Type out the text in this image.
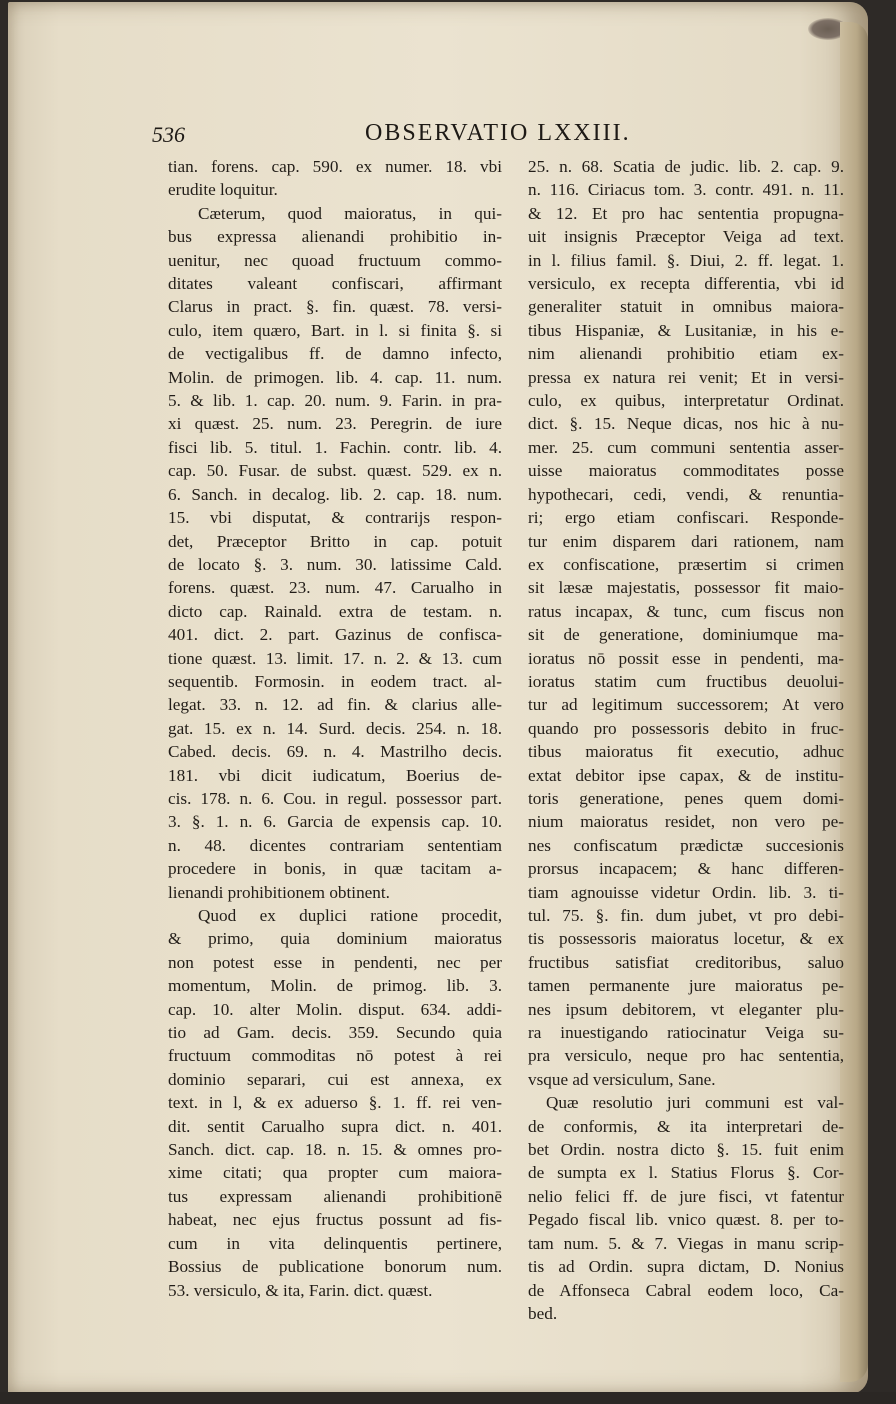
536	OBSERVATIO LXXIII.
tian. forens. cap. 590. ex numer. 18. vbi
erudite loquitur.
Cæterum, quod maioratus, in qui-
bus expressa alienandi prohibitio in-
uenitur, nec quoad fructuum commo-
ditates valeant confiscari, affirmant
Clarus in pract. §. fin. quæst. 78. versi-
culo, item quæro, Bart. in l. si finita §. si
de vectigalibus ff. de damno infecto,
Molin. de primogen. lib. 4. cap. 11. num.
5. & lib. 1. cap. 20. num. 9. Farin. in pra-
xi quæst. 25. num. 23. Peregrin. de iure
fisci lib. 5. titul. 1. Fachin. contr. lib. 4.
cap. 50. Fusar. de subst. quæst. 529. ex n.
6. Sanch. in decalog. lib. 2. cap. 18. num.
15. vbi disputat, & contrarijs respon-
det, Præceptor Britto in cap. potuit
de locato §. 3. num. 30. latissime Cald.
forens. quæst. 23. num. 47. Carualho in
dicto cap. Rainald. extra de testam. n.
401. dict. 2. part. Gazinus de confisca-
tione quæst. 13. limit. 17. n. 2. & 13. cum
sequentib. Formosin. in eodem tract. al-
legat. 33. n. 12. ad fin. & clarius alle-
gat. 15. ex n. 14. Surd. decis. 254. n. 18.
Cabed. decis. 69. n. 4. Mastrilho decis.
181. vbi dicit iudicatum, Boerius de-
cis. 178. n. 6. Cou. in regul. possessor part.
3. §. 1. n. 6. Garcia de expensis cap. 10.
n. 48. dicentes contrariam sententiam
procedere in bonis, in quæ tacitam a-
lienandi prohibitionem obtinent.
Quod ex duplici ratione procedit,
& primo, quia dominium maioratus
non potest esse in pendenti, nec per
momentum, Molin. de primog. lib. 3.
cap. 10. alter Molin. disput. 634. addi-
tio ad Gam. decis. 359. Secundo quia
fructuum commoditas nō potest à rei
dominio separari, cui est annexa, ex
text. in l, & ex aduerso §. 1. ff. rei ven-
dit. sentit Carualho supra dict. n. 401.
Sanch. dict. cap. 18. n. 15. & omnes pro-
xime citati; qua propter cum maiora-
tus expressam alienandi prohibitionē
habeat, nec ejus fructus possunt ad fis-
cum in vita delinquentis pertinere,
Bossius de publicatione bonorum num.
53. versiculo, & ita, Farin. dict. quæst.
25. n. 68. Scatia de judic. lib. 2. cap. 9.
n. 116. Ciriacus tom. 3. contr. 491. n. 11.
& 12. Et pro hac sententia propugna-
uit insignis Præceptor Veiga ad text.
in l. filius famil. §. Diui, 2. ff. legat. 1.
versiculo, ex recepta differentia, vbi id
generaliter statuit in omnibus maiora-
tibus Hispaniæ, & Lusitaniæ, in his e-
nim alienandi prohibitio etiam ex-
pressa ex natura rei venit; Et in versi-
culo, ex quibus, interpretatur Ordinat.
dict. §. 15. Neque dicas, nos hic à nu-
mer. 25. cum communi sententia asser-
uisse maioratus commoditates posse
hypothecari, cedi, vendi, & renuntia-
ri; ergo etiam confiscari. Responde-
tur enim disparem dari rationem, nam
ex confiscatione, præsertim si crimen
sit læsæ majestatis, possessor fit maio-
ratus incapax, & tunc, cum fiscus non
sit de generatione, dominiumque ma-
ioratus nō possit esse in pendenti, ma-
ioratus statim cum fructibus deuolui-
tur ad legitimum successorem; At vero
quando pro possessoris debito in fruc-
tibus maioratus fit executio, adhuc
extat debitor ipse capax, & de institu-
toris generatione, penes quem domi-
nium maioratus residet, non vero pe-
nes confiscatum prædictæ succesionis
prorsus incapacem; & hanc differen-
tiam agnouisse videtur Ordin. lib. 3. ti-
tul. 75. §. fin. dum jubet, vt pro debi-
tis possessoris maioratus locetur, & ex
fructibus satisfiat creditoribus, saluo
tamen permanente jure maioratus pe-
nes ipsum debitorem, vt eleganter plu-
ra inuestigando ratiocinatur Veiga su-
pra versiculo, neque pro hac sententia,
vsque ad versiculum, Sane.
Quæ resolutio juri communi est val-
de conformis, & ita interpretari de-
bet Ordin. nostra dicto §. 15. fuit enim
de sumpta ex l. Statius Florus §. Cor-
nelio felici ff. de jure fisci, vt fatentur
Pegado fiscal lib. vnico quæst. 8. per to-
tam num. 5. & 7. Viegas in manu scrip-
tis ad Ordin. supra dictam, D. Nonius
de Affonseca Cabral eodem loco, Ca-
bed.
